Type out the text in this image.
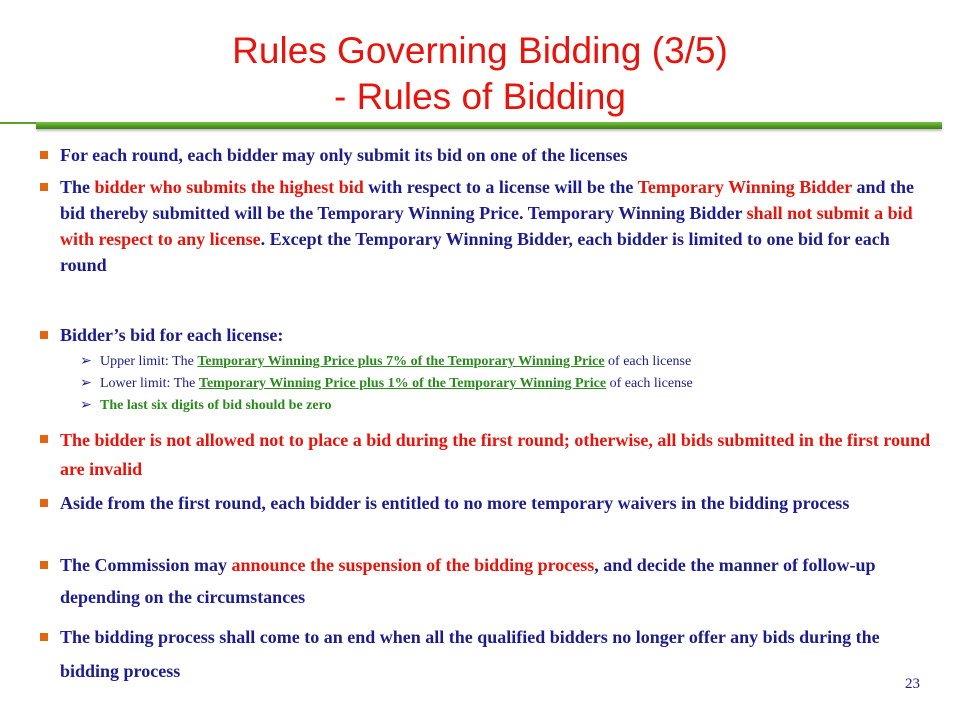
Rules Governing Bidding (3/5)
- Rules of Bidding
For each round, each bidder may only submit its bid on one of the licenses
The bidder who submits the highest bid with respect to a license will be the Temporary Winning Bidder and the bid thereby submitted will be the Temporary Winning Price. Temporary Winning Bidder shall not submit a bid with respect to any license. Except the Temporary Winning Bidder, each bidder is limited to one bid for each round
Bidder’s bid for each license:
➢ Upper limit: The Temporary Winning Price plus 7% of the Temporary Winning Price of each license
➢ Lower limit: The Temporary Winning Price plus 1% of the Temporary Winning Price of each license
➢ The last six digits of bid should be zero
The bidder is not allowed not to place a bid during the first round; otherwise, all bids submitted in the first round are invalid
Aside from the first round, each bidder is entitled to no more temporary waivers in the bidding process
The Commission may announce the suspension of the bidding process, and decide the manner of follow-up depending on the circumstances
The bidding process shall come to an end when all the qualified bidders no longer offer any bids during the bidding process
23
